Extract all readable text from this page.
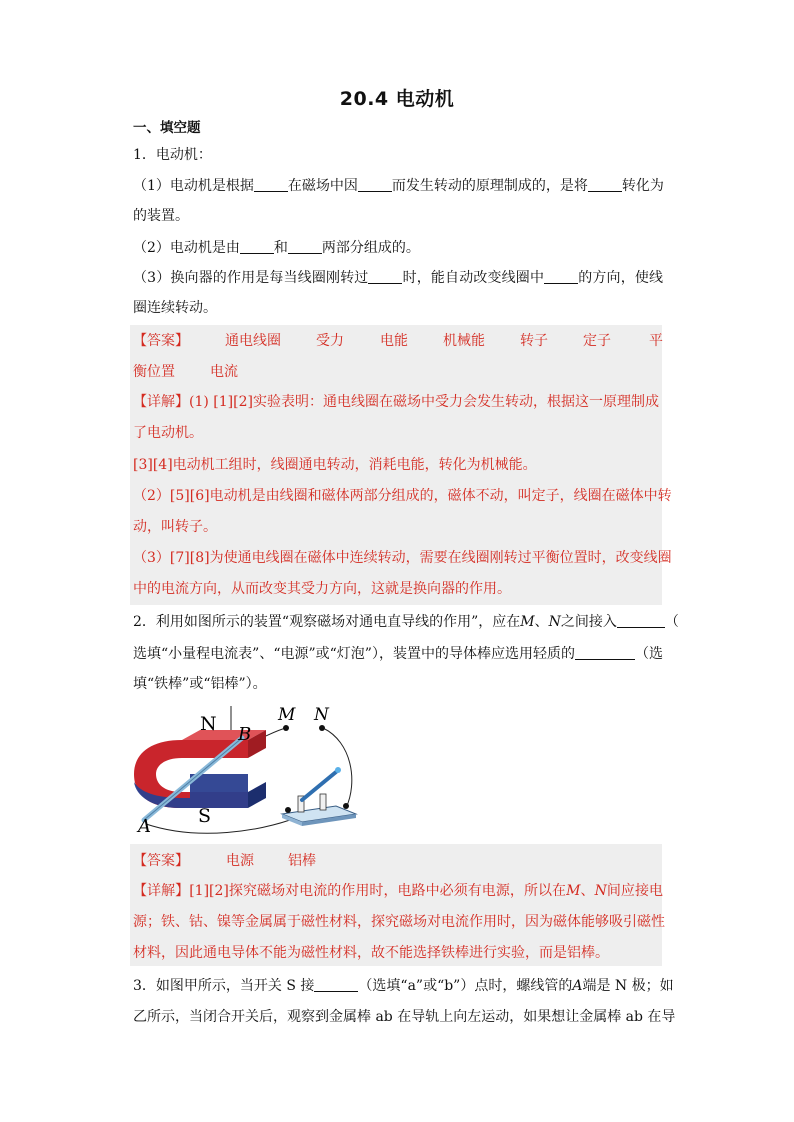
20.4 电动机
一、填空题
1．电动机：
（1）电动机是根据 在磁场中因 而发生转动的原理制成的，是将 转化为
的装置。
（2）电动机是由 和 两部分组成的。
（3）换向器的作用是每当线圈刚转过 时，能自动改变线圈中 的方向，使线
圈连续转动。
【答案】	通电线圈	受力	电能	机械能	转子	定子	平
衡位置	电流
【详解】(1) [1][2]实验表明：通电线圈在磁场中受力会发生转动，根据这一原理制成
了电动机。
[3][4]电动机工组时，线圈通电转动，消耗电能，转化为机械能。
（2）[5][6]电动机是由线圈和磁体两部分组成的，磁体不动，叫定子，线圈在磁体中转
动，叫转子。
（3）[7][8]为使通电线圈在磁体中连续转动，需要在线圈刚转过平衡位置时，改变线圈
中的电流方向，从而改变其受力方向，这就是换向器的作用。
2．利用如图所示的装置“观察磁场对通电直导线的作用”，应在M、N之间接入	（
选填“小量程电流表”、“电源”或“灯泡”），装置中的导体棒应选用轻质的	（选
填“铁棒”或“铝棒”）。
N
S
A
B
M N
【答案】	电源 铝棒
【详解】[1][2]探究磁场对电流的作用时，电路中必须有电源，所以在M、N间应接电
源；铁、钴、镍等金属属于磁性材料，探究磁场对电流作用时，因为磁体能够吸引磁性
材料，因此通电导体不能为磁性材料，故不能选择铁棒进行实验，而是铝棒。
3．如图甲所示，当开关 S 接	（选填“a”或“b”）点时，螺线管的A端是 N 极；如
乙所示，当闭合开关后，观察到金属棒 ab 在导轨上向左运动，如果想让金属棒 ab 在导
